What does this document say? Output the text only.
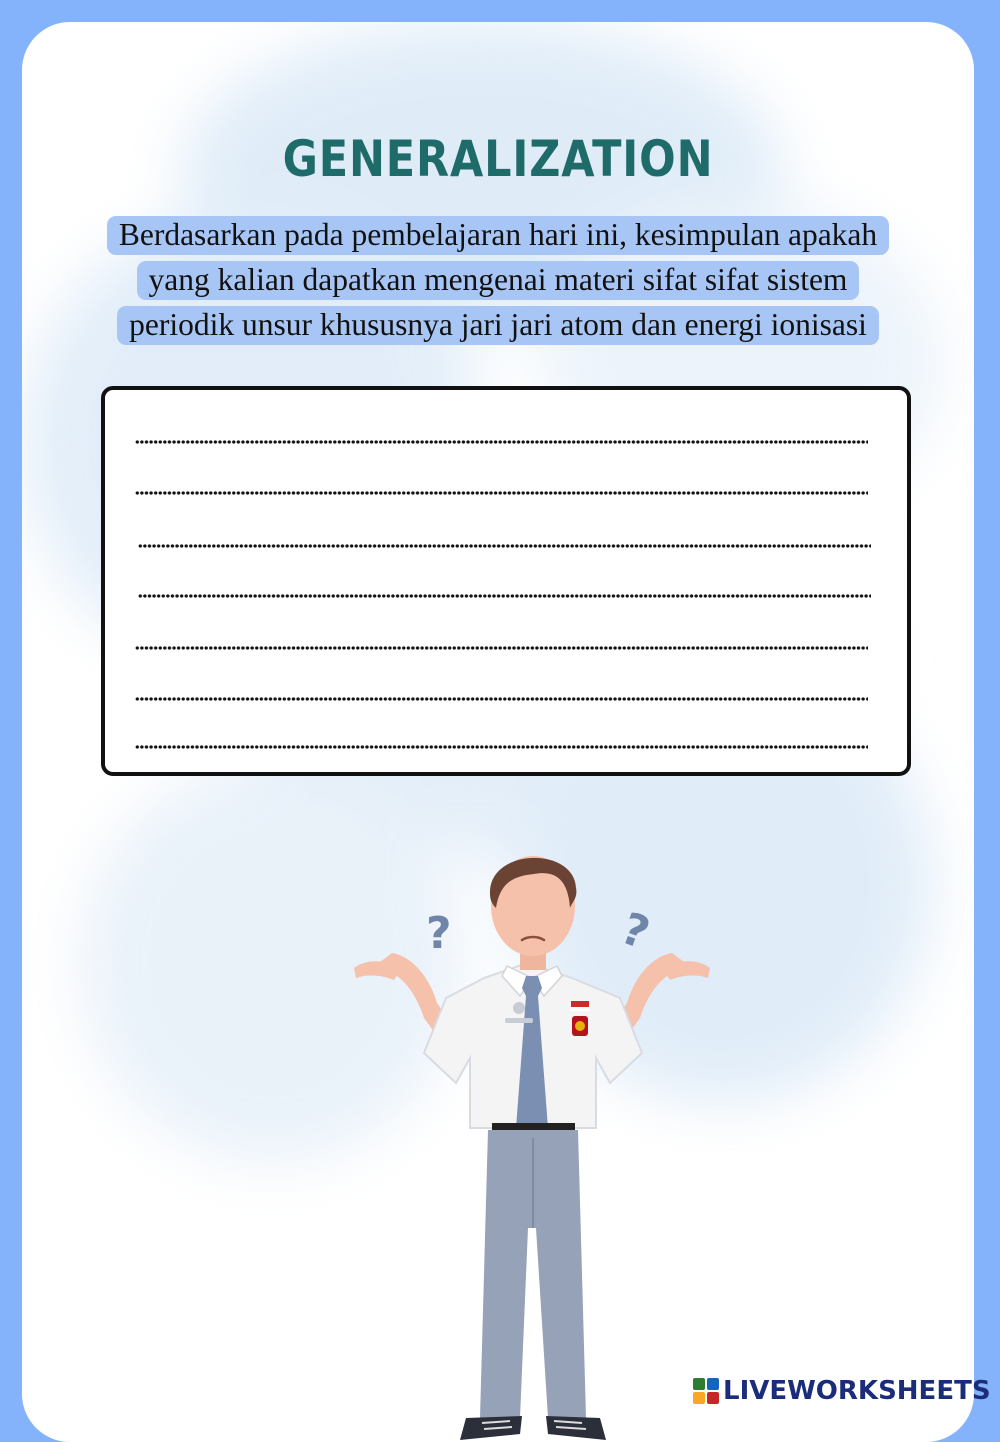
GENERALIZATION
Berdasarkan pada pembelajaran hari ini, kesimpulan apakah
yang kalian dapatkan mengenai materi sifat sifat sistem
periodik unsur khususnya jari jari atom dan energi ionisasi
?	?
LIVEWORKSHEETS
